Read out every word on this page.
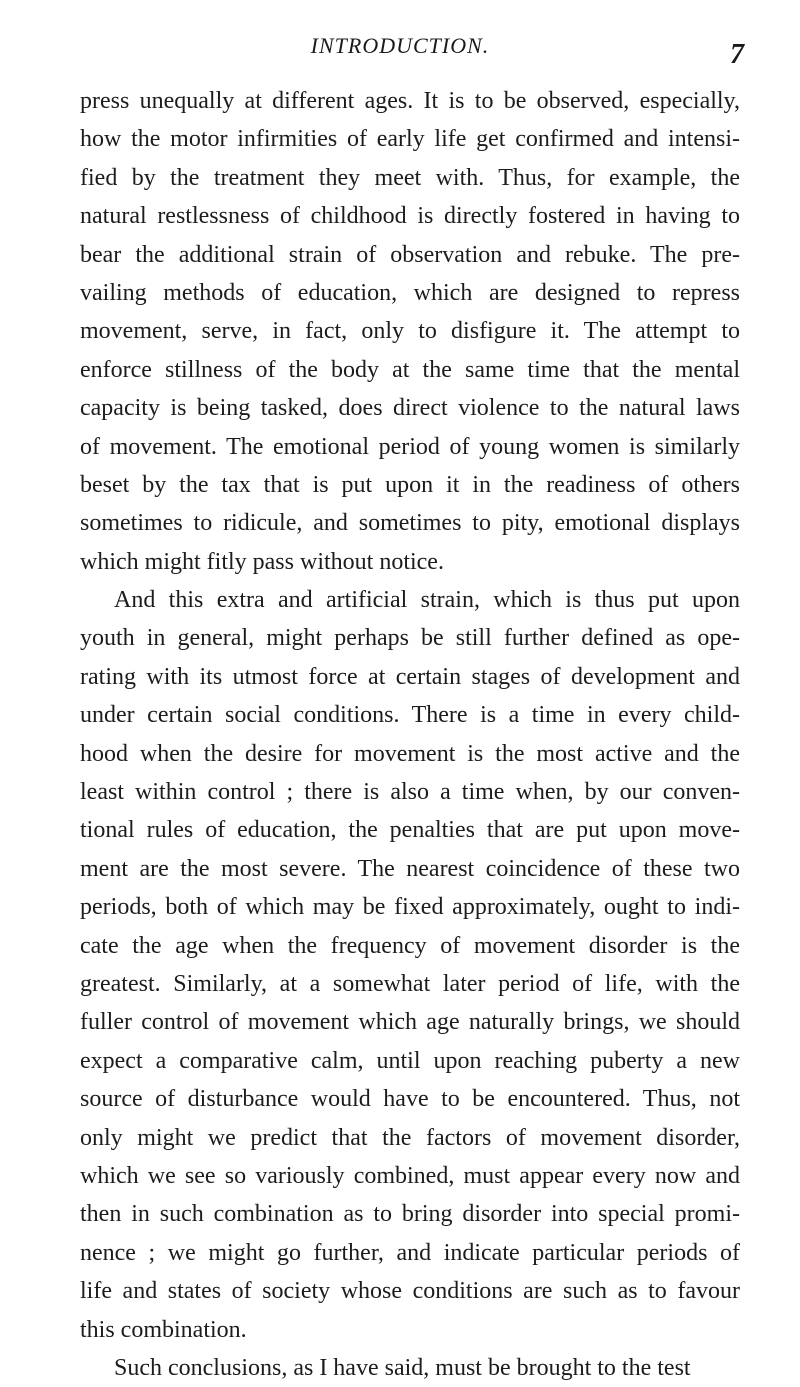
INTRODUCTION.	7
press unequally at different ages. It is to be observed, especially,
how the motor infirmities of early life get confirmed and intensi-
fied by the treatment they meet with. Thus, for example, the
natural restlessness of childhood is directly fostered in having to
bear the additional strain of observation and rebuke. The pre-
vailing methods of education, which are designed to repress
movement, serve, in fact, only to disfigure it. The attempt to
enforce stillness of the body at the same time that the mental
capacity is being tasked, does direct violence to the natural laws
of movement. The emotional period of young women is similarly
beset by the tax that is put upon it in the readiness of others
sometimes to ridicule, and sometimes to pity, emotional displays
which might fitly pass without notice.
And this extra and artificial strain, which is thus put upon
youth in general, might perhaps be still further defined as ope-
rating with its utmost force at certain stages of development and
under certain social conditions. There is a time in every child-
hood when the desire for movement is the most active and the
least within control ; there is also a time when, by our conven-
tional rules of education, the penalties that are put upon move-
ment are the most severe. The nearest coincidence of these two
periods, both of which may be fixed approximately, ought to indi-
cate the age when the frequency of movement disorder is the
greatest. Similarly, at a somewhat later period of life, with the
fuller control of movement which age naturally brings, we should
expect a comparative calm, until upon reaching puberty a new
source of disturbance would have to be encountered. Thus, not
only might we predict that the factors of movement disorder,
which we see so variously combined, must appear every now and
then in such combination as to bring disorder into special promi-
nence ; we might go further, and indicate particular periods of
life and states of society whose conditions are such as to favour
this combination.
Such conclusions, as I have said, must be brought to the test
